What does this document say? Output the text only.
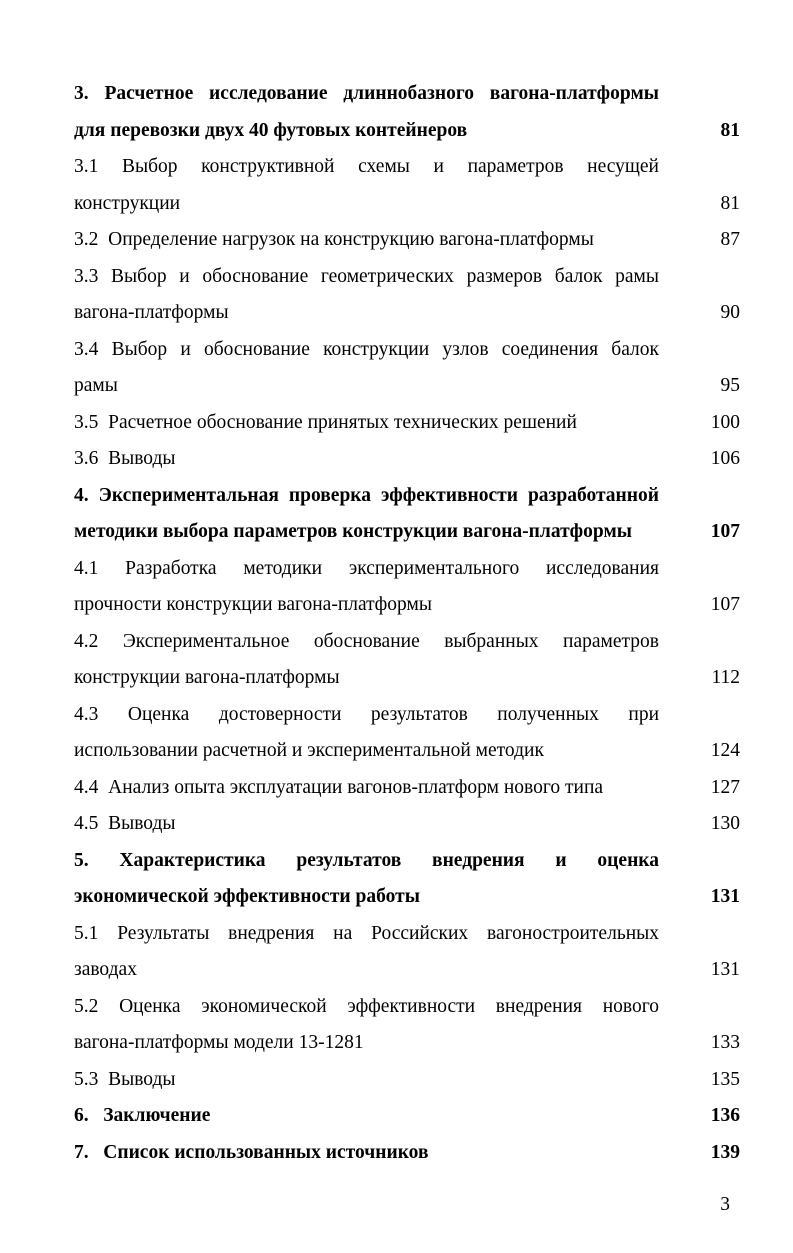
3. Расчетное исследование длиннобазного вагона-платформы
для перевозки двух 40 футовых контейнеров	81
3.1 Выбор конструктивной схемы и параметров несущей
конструкции	81
3.2  Определение нагрузок на конструкцию вагона-платформы	87
3.3 Выбор и обоснование геометрических размеров балок рамы
вагона-платформы	90
3.4 Выбор и обоснование конструкции узлов соединения балок
рамы	95
3.5  Расчетное обоснование принятых технических решений	100
3.6  Выводы	106
4. Экспериментальная проверка эффективности разработанной
методики выбора параметров конструкции вагона-платформы	107
4.1 Разработка методики экспериментального исследования
прочности конструкции вагона-платформы	107
4.2 Экспериментальное обоснование выбранных параметров
конструкции вагона-платформы	112
4.3 Оценка достоверности результатов полученных при
использовании расчетной и экспериментальной методик	124
4.4  Анализ опыта эксплуатации вагонов-платформ нового типа	127
4.5  Выводы	130
5. Характеристика результатов внедрения и оценка
экономической эффективности работы	131
5.1 Результаты внедрения на Российских вагоностроительных
заводах	131
5.2 Оценка экономической эффективности внедрения нового
вагона-платформы модели 13-1281	133
5.3  Выводы	135
6.   Заключение	136
7.   Список использованных источников	139
3
